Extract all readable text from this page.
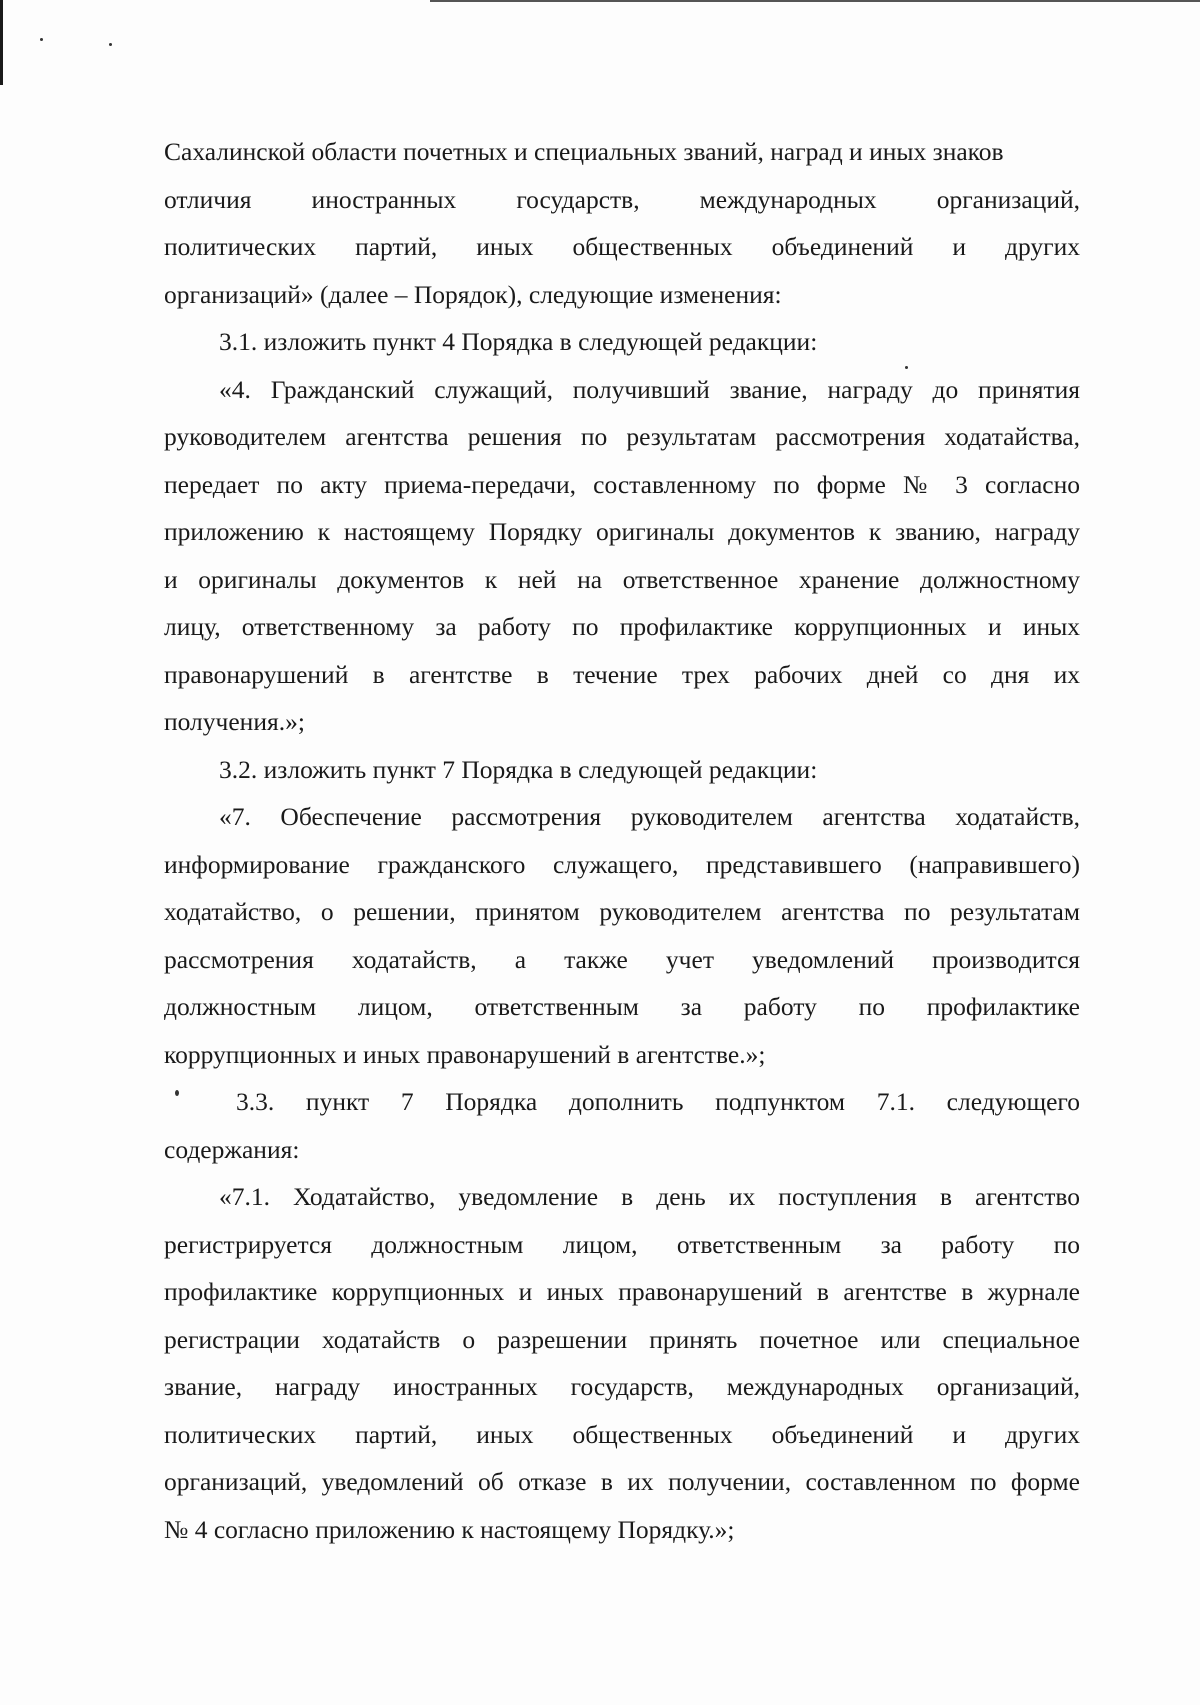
Сахалинской области почетных и специальных званий, наград и иных знаков
отличия иностранных государств, международных организаций,
политических партий, иных общественных объединений и других
организаций» (далее – Порядок), следующие изменения:

3.1. изложить пункт 4 Порядка в следующей редакции:

«4. Гражданский служащий, получивший звание, награду до принятия
руководителем агентства решения по результатам рассмотрения ходатайства,
передает по акту приема-передачи, составленному по форме № 3 согласно
приложению к настоящему Порядку оригиналы документов к званию, награду
и оригиналы документов к ней на ответственное хранение должностному
лицу, ответственному за работу по профилактике коррупционных и иных
правонарушений в агентстве в течение трех рабочих дней со дня их
получения.»;

3.2. изложить пункт 7 Порядка в следующей редакции:

«7. Обеспечение рассмотрения руководителем агентства ходатайств,
информирование гражданского служащего, представившего (направившего)
ходатайство, о решении, принятом руководителем агентства по результатам
рассмотрения ходатайств, а также учет уведомлений производится
должностным лицом, ответственным за работу по профилактике
коррупционных и иных правонарушений в агентстве.»;

3.3. пункт 7 Порядка дополнить подпунктом 7.1. следующего
содержания:

«7.1. Ходатайство, уведомление в день их поступления в агентство
регистрируется должностным лицом, ответственным за работу по
профилактике коррупционных и иных правонарушений в агентстве в журнале
регистрации ходатайств о разрешении принять почетное или специальное
звание, награду иностранных государств, международных организаций,
политических партий, иных общественных объединений и других
организаций, уведомлений об отказе в их получении, составленном по форме
№ 4 согласно приложению к настоящему Порядку.»;
